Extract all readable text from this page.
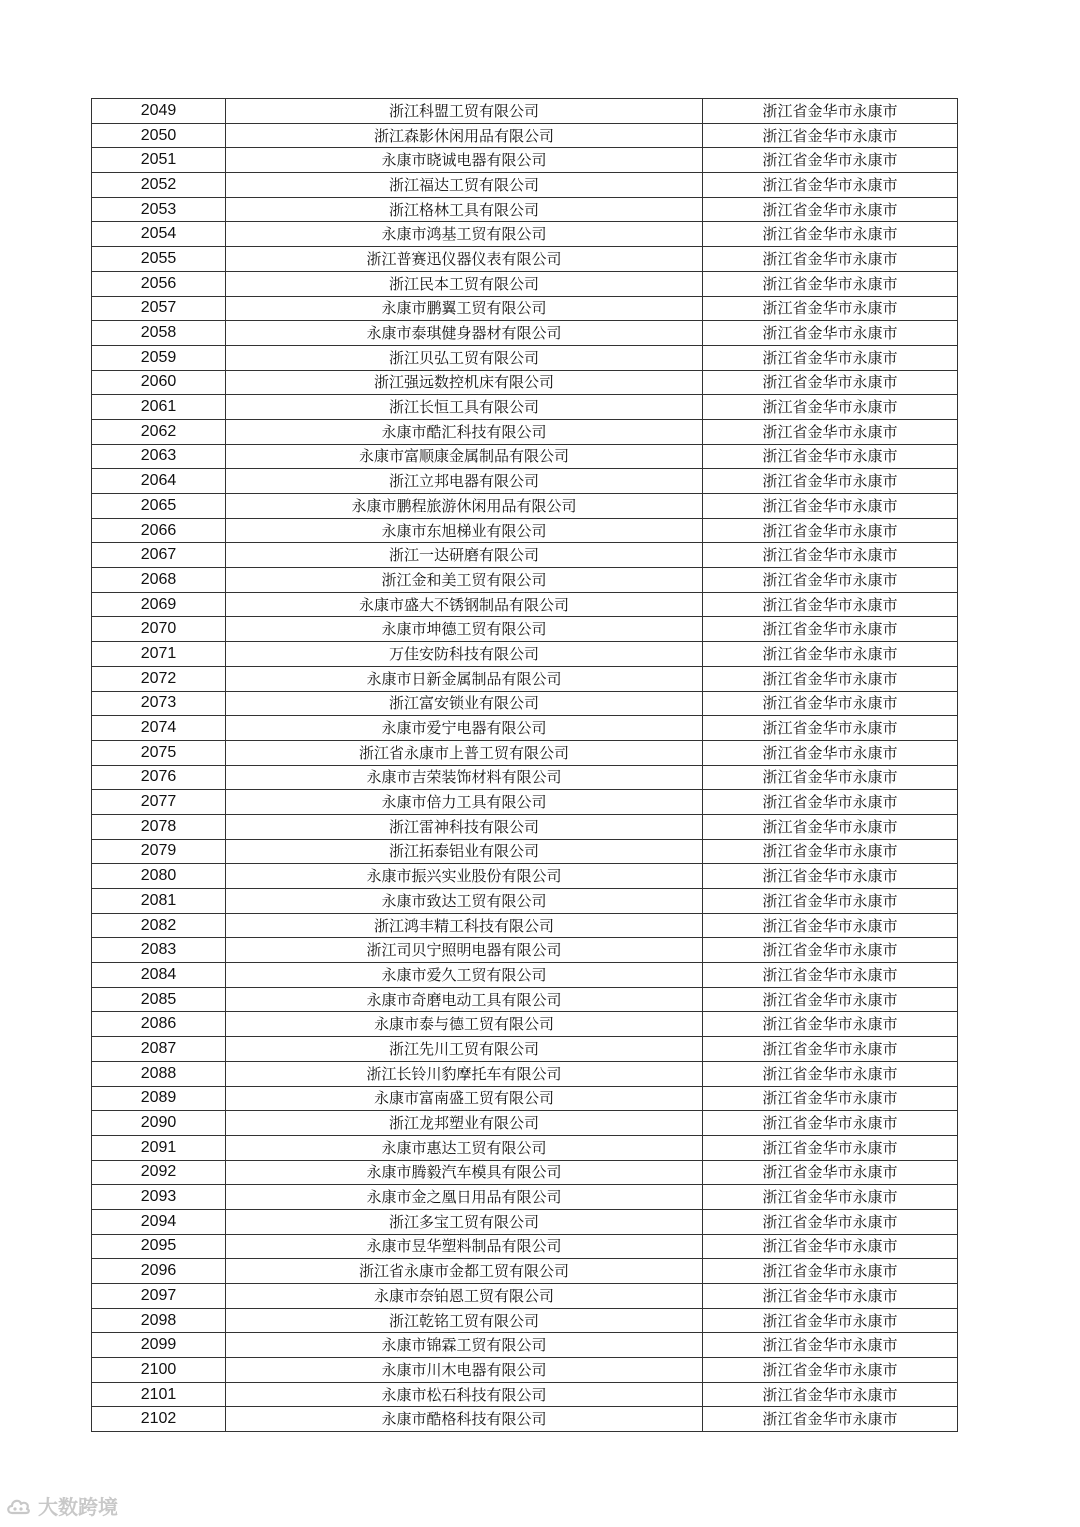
2049	浙江科盟工贸有限公司	浙江省金华市永康市
2050	浙江森影休闲用品有限公司	浙江省金华市永康市
2051	永康市晓诚电器有限公司	浙江省金华市永康市
2052	浙江福达工贸有限公司	浙江省金华市永康市
2053	浙江格林工具有限公司	浙江省金华市永康市
2054	永康市鸿基工贸有限公司	浙江省金华市永康市
2055	浙江普赛迅仪器仪表有限公司	浙江省金华市永康市
2056	浙江民本工贸有限公司	浙江省金华市永康市
2057	永康市鹏翼工贸有限公司	浙江省金华市永康市
2058	永康市泰琪健身器材有限公司	浙江省金华市永康市
2059	浙江贝弘工贸有限公司	浙江省金华市永康市
2060	浙江强远数控机床有限公司	浙江省金华市永康市
2061	浙江长恒工具有限公司	浙江省金华市永康市
2062	永康市酷汇科技有限公司	浙江省金华市永康市
2063	永康市富顺康金属制品有限公司	浙江省金华市永康市
2064	浙江立邦电器有限公司	浙江省金华市永康市
2065	永康市鹏程旅游休闲用品有限公司	浙江省金华市永康市
2066	永康市东旭梯业有限公司	浙江省金华市永康市
2067	浙江一达研磨有限公司	浙江省金华市永康市
2068	浙江金和美工贸有限公司	浙江省金华市永康市
2069	永康市盛大不锈钢制品有限公司	浙江省金华市永康市
2070	永康市坤德工贸有限公司	浙江省金华市永康市
2071	万佳安防科技有限公司	浙江省金华市永康市
2072	永康市日新金属制品有限公司	浙江省金华市永康市
2073	浙江富安锁业有限公司	浙江省金华市永康市
2074	永康市爱宁电器有限公司	浙江省金华市永康市
2075	浙江省永康市上普工贸有限公司	浙江省金华市永康市
2076	永康市吉荣装饰材料有限公司	浙江省金华市永康市
2077	永康市倍力工具有限公司	浙江省金华市永康市
2078	浙江雷神科技有限公司	浙江省金华市永康市
2079	浙江拓泰铝业有限公司	浙江省金华市永康市
2080	永康市振兴实业股份有限公司	浙江省金华市永康市
2081	永康市致达工贸有限公司	浙江省金华市永康市
2082	浙江鸿丰精工科技有限公司	浙江省金华市永康市
2083	浙江司贝宁照明电器有限公司	浙江省金华市永康市
2084	永康市爱久工贸有限公司	浙江省金华市永康市
2085	永康市奇磨电动工具有限公司	浙江省金华市永康市
2086	永康市泰与德工贸有限公司	浙江省金华市永康市
2087	浙江先川工贸有限公司	浙江省金华市永康市
2088	浙江长铃川豹摩托车有限公司	浙江省金华市永康市
2089	永康市富南盛工贸有限公司	浙江省金华市永康市
2090	浙江龙邦塑业有限公司	浙江省金华市永康市
2091	永康市惠达工贸有限公司	浙江省金华市永康市
2092	永康市腾毅汽车模具有限公司	浙江省金华市永康市
2093	永康市金之凰日用品有限公司	浙江省金华市永康市
2094	浙江多宝工贸有限公司	浙江省金华市永康市
2095	永康市昱华塑料制品有限公司	浙江省金华市永康市
2096	浙江省永康市金都工贸有限公司	浙江省金华市永康市
2097	永康市奈铂恩工贸有限公司	浙江省金华市永康市
2098	浙江乾铭工贸有限公司	浙江省金华市永康市
2099	永康市锦霖工贸有限公司	浙江省金华市永康市
2100	永康市川木电器有限公司	浙江省金华市永康市
2101	永康市松石科技有限公司	浙江省金华市永康市
2102	永康市酷格科技有限公司	浙江省金华市永康市
大数跨境
